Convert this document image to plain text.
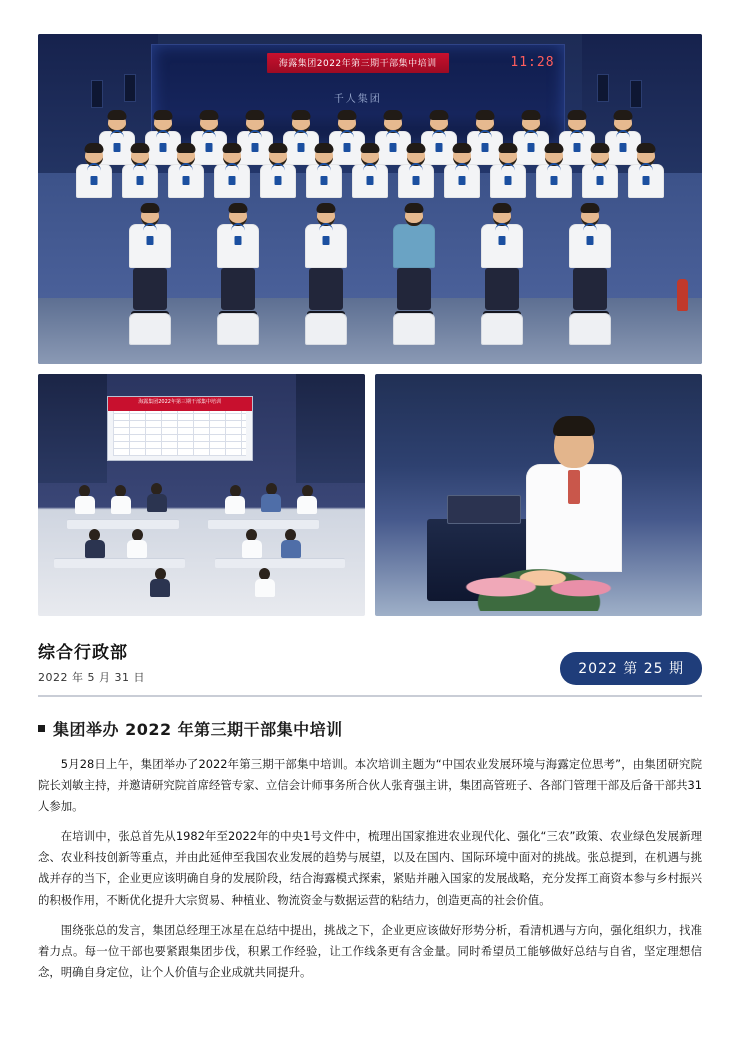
海露集团2022年第三期干部集中培训	11:28
千人集团
海露集团2022年第三期干部集中培训
综合行政部
2022 年 5 月 31 日
2022 第 25 期
集团举办 2022 年第三期干部集中培训

5月28日上午，集团举办了2022年第三期干部集中培训。本次培训主题为“中国农业发展环境与海露定位思考”，由集团研究院院长刘敏主持，并邀请研究院首席经管专家、立信会计师事务所合伙人张育强主讲，集团高管班子、各部门管理干部及后备干部共31人参加。

在培训中，张总首先从1982年至2022年的中央1号文件中，梳理出国家推进农业现代化、强化“三农”政策、农业绿色发展新理念、农业科技创新等重点，并由此延伸至我国农业发展的趋势与展望，以及在国内、国际环境中面对的挑战。张总提到，在机遇与挑战并存的当下，企业更应该明确自身的发展阶段，结合海露模式探索，紧贴并融入国家的发展战略，充分发挥工商资本参与乡村振兴的积极作用，不断优化提升大宗贸易、种植业、物流资金与数据运营的粘结力，创造更高的社会价值。

围绕张总的发言，集团总经理王冰星在总结中提出，挑战之下，企业更应该做好形势分析，看清机遇与方向，强化组织力，找准着力点。每一位干部也要紧跟集团步伐，积累工作经验，让工作线条更有含金量。同时希望员工能够做好总结与自省，坚定理想信念，明确自身定位，让个人价值与企业成就共同提升。
